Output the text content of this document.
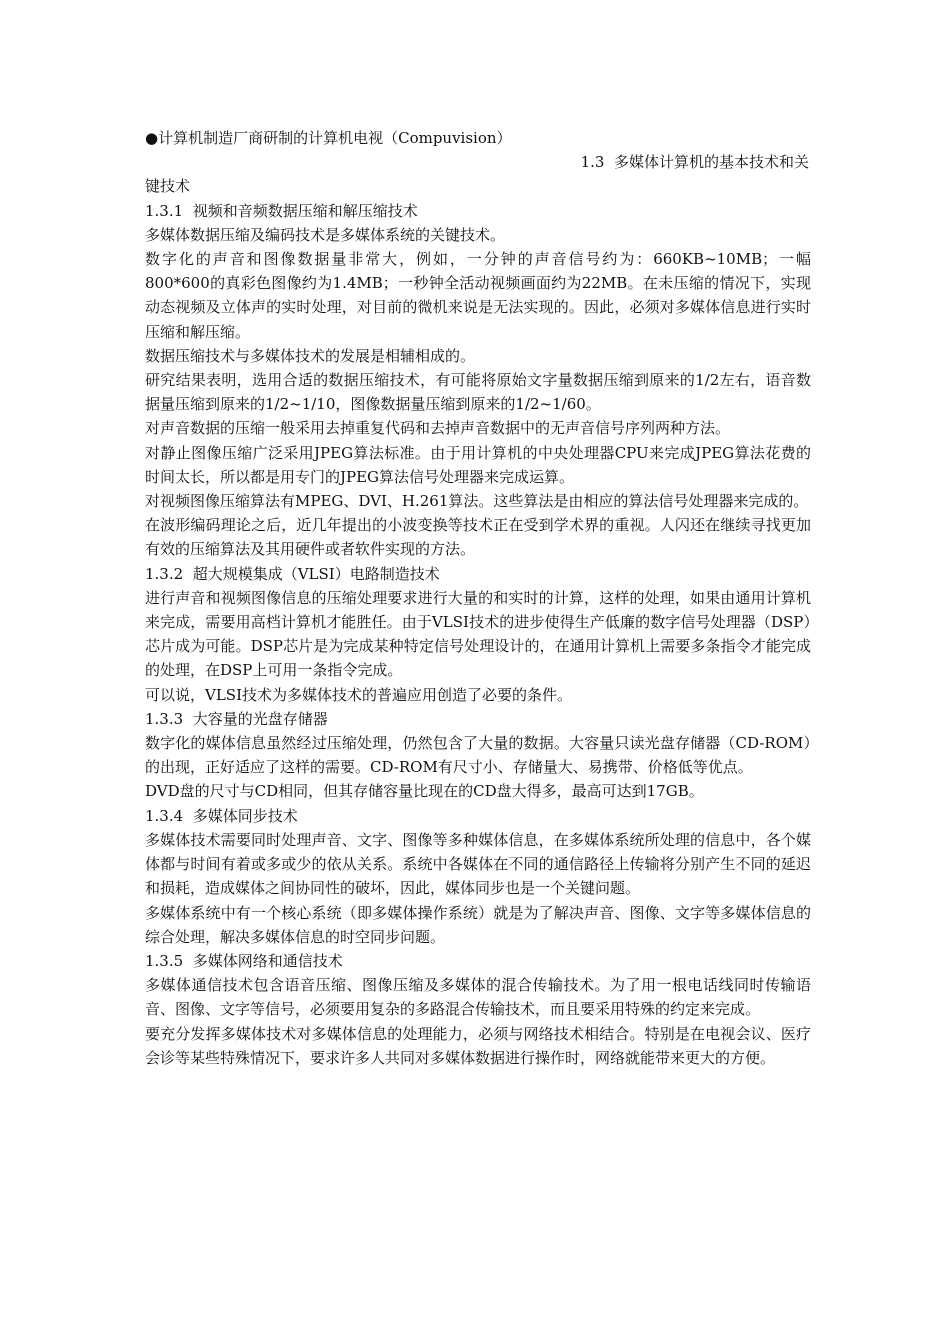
●计算机制造厂商研制的计算机电视（Compuvision）
1.3  多媒体计算机的基本技术和关
键技术
1.3.1  视频和音频数据压缩和解压缩技术

多媒体数据压缩及编码技术是多媒体系统的关键技术。

数字化的声音和图像数据量非常大，例如，一分钟的声音信号约为：660KB~10MB；一幅800*600的真彩色图像约为1.4MB；一秒钟全活动视频画面约为22MB。在未压缩的情况下，实现动态视频及立体声的实时处理，对目前的微机来说是无法实现的。因此，必须对多媒体信息进行实时压缩和解压缩。

数据压缩技术与多媒体技术的发展是相辅相成的。

研究结果表明，选用合适的数据压缩技术，有可能将原始文字量数据压缩到原来的1/2左右，语音数据量压缩到原来的1/2~1/10，图像数据量压缩到原来的1/2~1/60。

对声音数据的压缩一般采用去掉重复代码和去掉声音数据中的无声音信号序列两种方法。

对静止图像压缩广泛采用JPEG算法标准。由于用计算机的中央处理器CPU来完成JPEG算法花费的时间太长，所以都是用专门的JPEG算法信号处理器来完成运算。

对视频图像压缩算法有MPEG、DVI、H.261算法。这些算法是由相应的算法信号处理器来完成的。

在波形编码理论之后，近几年提出的小波变换等技术正在受到学术界的重视。人闪还在继续寻找更加有效的压缩算法及其用硬件或者软件实现的方法。

1.3.2  超大规模集成（VLSI）电路制造技术

进行声音和视频图像信息的压缩处理要求进行大量的和实时的计算，这样的处理，如果由通用计算机来完成，需要用高档计算机才能胜任。由于VLSI技术的进步使得生产低廉的数字信号处理器（DSP）芯片成为可能。DSP芯片是为完成某种特定信号处理设计的，在通用计算机上需要多条指令才能完成的处理，在DSP上可用一条指令完成。

可以说，VLSI技术为多媒体技术的普遍应用创造了必要的条件。

1.3.3  大容量的光盘存储器

数字化的媒体信息虽然经过压缩处理，仍然包含了大量的数据。大容量只读光盘存储器（CD-ROM）的出现，正好适应了这样的需要。CD-ROM有尺寸小、存储量大、易携带、价格低等优点。

DVD盘的尺寸与CD相同，但其存储容量比现在的CD盘大得多，最高可达到17GB。

1.3.4  多媒体同步技术

多媒体技术需要同时处理声音、文字、图像等多种媒体信息，在多媒体系统所处理的信息中，各个媒体都与时间有着或多或少的依从关系。系统中各媒体在不同的通信路径上传输将分别产生不同的延迟和损耗，造成媒体之间协同性的破坏，因此，媒体同步也是一个关键问题。

多媒体系统中有一个核心系统（即多媒体操作系统）就是为了解决声音、图像、文字等多媒体信息的综合处理，解决多媒体信息的时空同步问题。

1.3.5  多媒体网络和通信技术

多媒体通信技术包含语音压缩、图像压缩及多媒体的混合传输技术。为了用一根电话线同时传输语音、图像、文字等信号，必须要用复杂的多路混合传输技术，而且要采用特殊的约定来完成。

要充分发挥多媒体技术对多媒体信息的处理能力，必须与网络技术相结合。特别是在电视会议、医疗会诊等某些特殊情况下，要求许多人共同对多媒体数据进行操作时，网络就能带来更大的方便。
